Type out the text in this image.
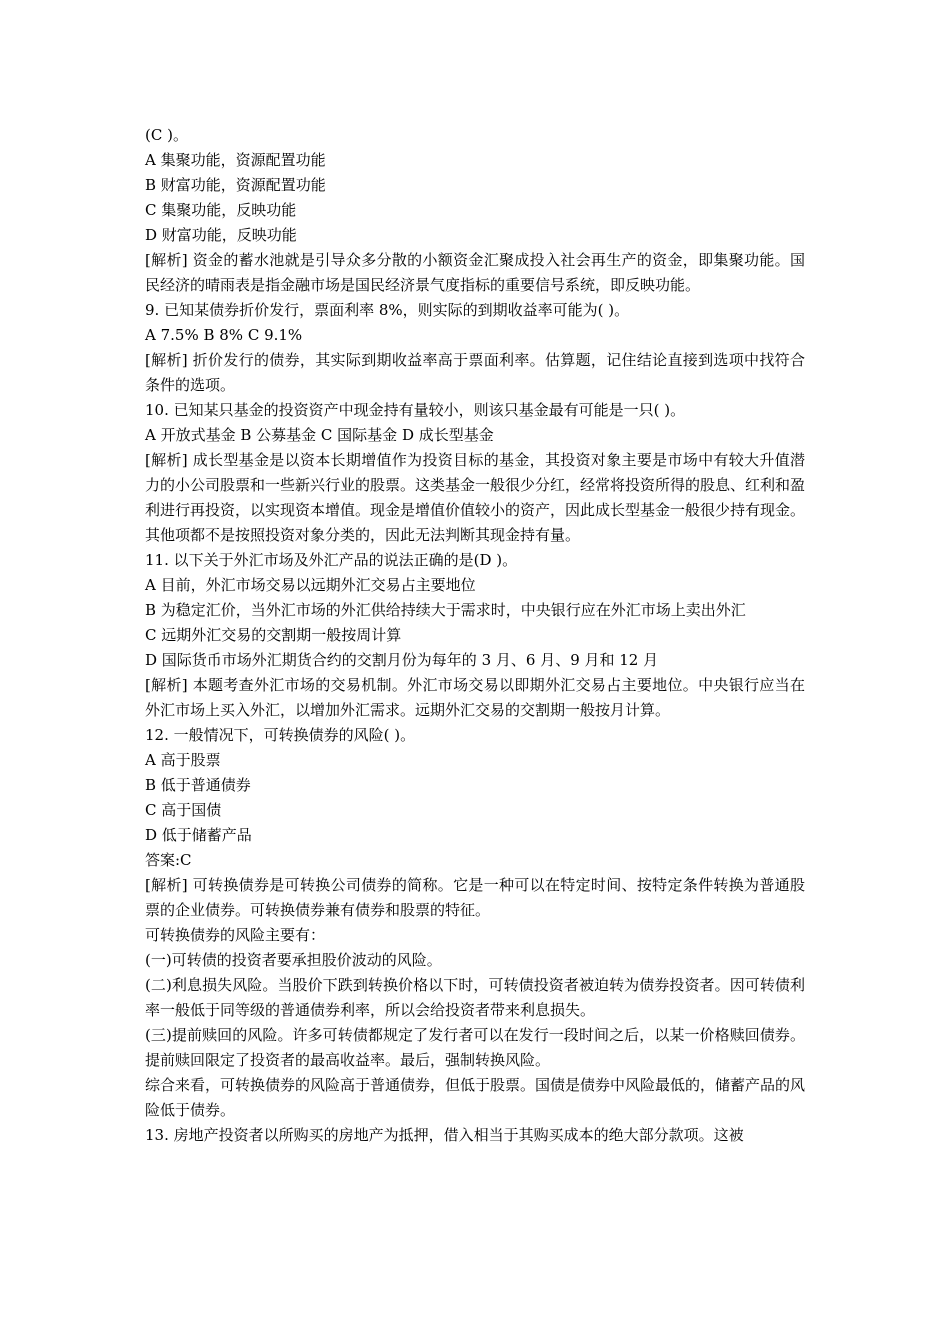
(C )。

A 集聚功能，资源配置功能

B 财富功能，资源配置功能

C 集聚功能，反映功能

D 财富功能，反映功能

[解析] 资金的蓄水池就是引导众多分散的小额资金汇聚成投入社会再生产的资金，即集聚功能。国民经济的晴雨表是指金融市场是国民经济景气度指标的重要信号系统，即反映功能。

9. 已知某债券折价发行，票面利率 8%，则实际的到期收益率可能为( )。

A 7.5% B 8% C 9.1%

[解析] 折价发行的债券，其实际到期收益率高于票面利率。估算题，记住结论直接到选项中找符合条件的选项。

10. 已知某只基金的投资资产中现金持有量较小，则该只基金最有可能是一只( )。

A 开放式基金 B 公募基金 C 国际基金 D 成长型基金

[解析] 成长型基金是以资本长期增值作为投资目标的基金，其投资对象主要是市场中有较大升值潜力的小公司股票和一些新兴行业的股票。这类基金一般很少分红，经常将投资所得的股息、红利和盈利进行再投资，以实现资本增值。现金是增值价值较小的资产，因此成长型基金一般很少持有现金。其他项都不是按照投资对象分类的，因此无法判断其现金持有量。

11. 以下关于外汇市场及外汇产品的说法正确的是(D )。

A 目前，外汇市场交易以远期外汇交易占主要地位

B 为稳定汇价，当外汇市场的外汇供给持续大于需求时，中央银行应在外汇市场上卖出外汇

C 远期外汇交易的交割期一般按周计算

D 国际货币市场外汇期货合约的交割月份为每年的 3 月、6 月、9 月和 12 月

[解析] 本题考查外汇市场的交易机制。外汇市场交易以即期外汇交易占主要地位。中央银行应当在外汇市场上买入外汇，以增加外汇需求。远期外汇交易的交割期一般按月计算。

12. 一般情况下，可转换债券的风险( )。

A 高于股票

B 低于普通债券

C 高于国债

D 低于储蓄产品

答案:C

[解析] 可转换债券是可转换公司债券的简称。它是一种可以在特定时间、按特定条件转换为普通股票的企业债券。可转换债券兼有债券和股票的特征。

可转换债券的风险主要有：

(一)可转债的投资者要承担股价波动的风险。

(二)利息损失风险。当股价下跌到转换价格以下时，可转债投资者被迫转为债券投资者。因可转债利率一般低于同等级的普通债券利率，所以会给投资者带来利息损失。

(三)提前赎回的风险。许多可转债都规定了发行者可以在发行一段时间之后，以某一价格赎回债券。提前赎回限定了投资者的最高收益率。最后，强制转换风险。

综合来看，可转换债券的风险高于普通债券，但低于股票。国债是债券中风险最低的，储蓄产品的风险低于债券。

13. 房地产投资者以所购买的房地产为抵押，借入相当于其购买成本的绝大部分款项。这被
